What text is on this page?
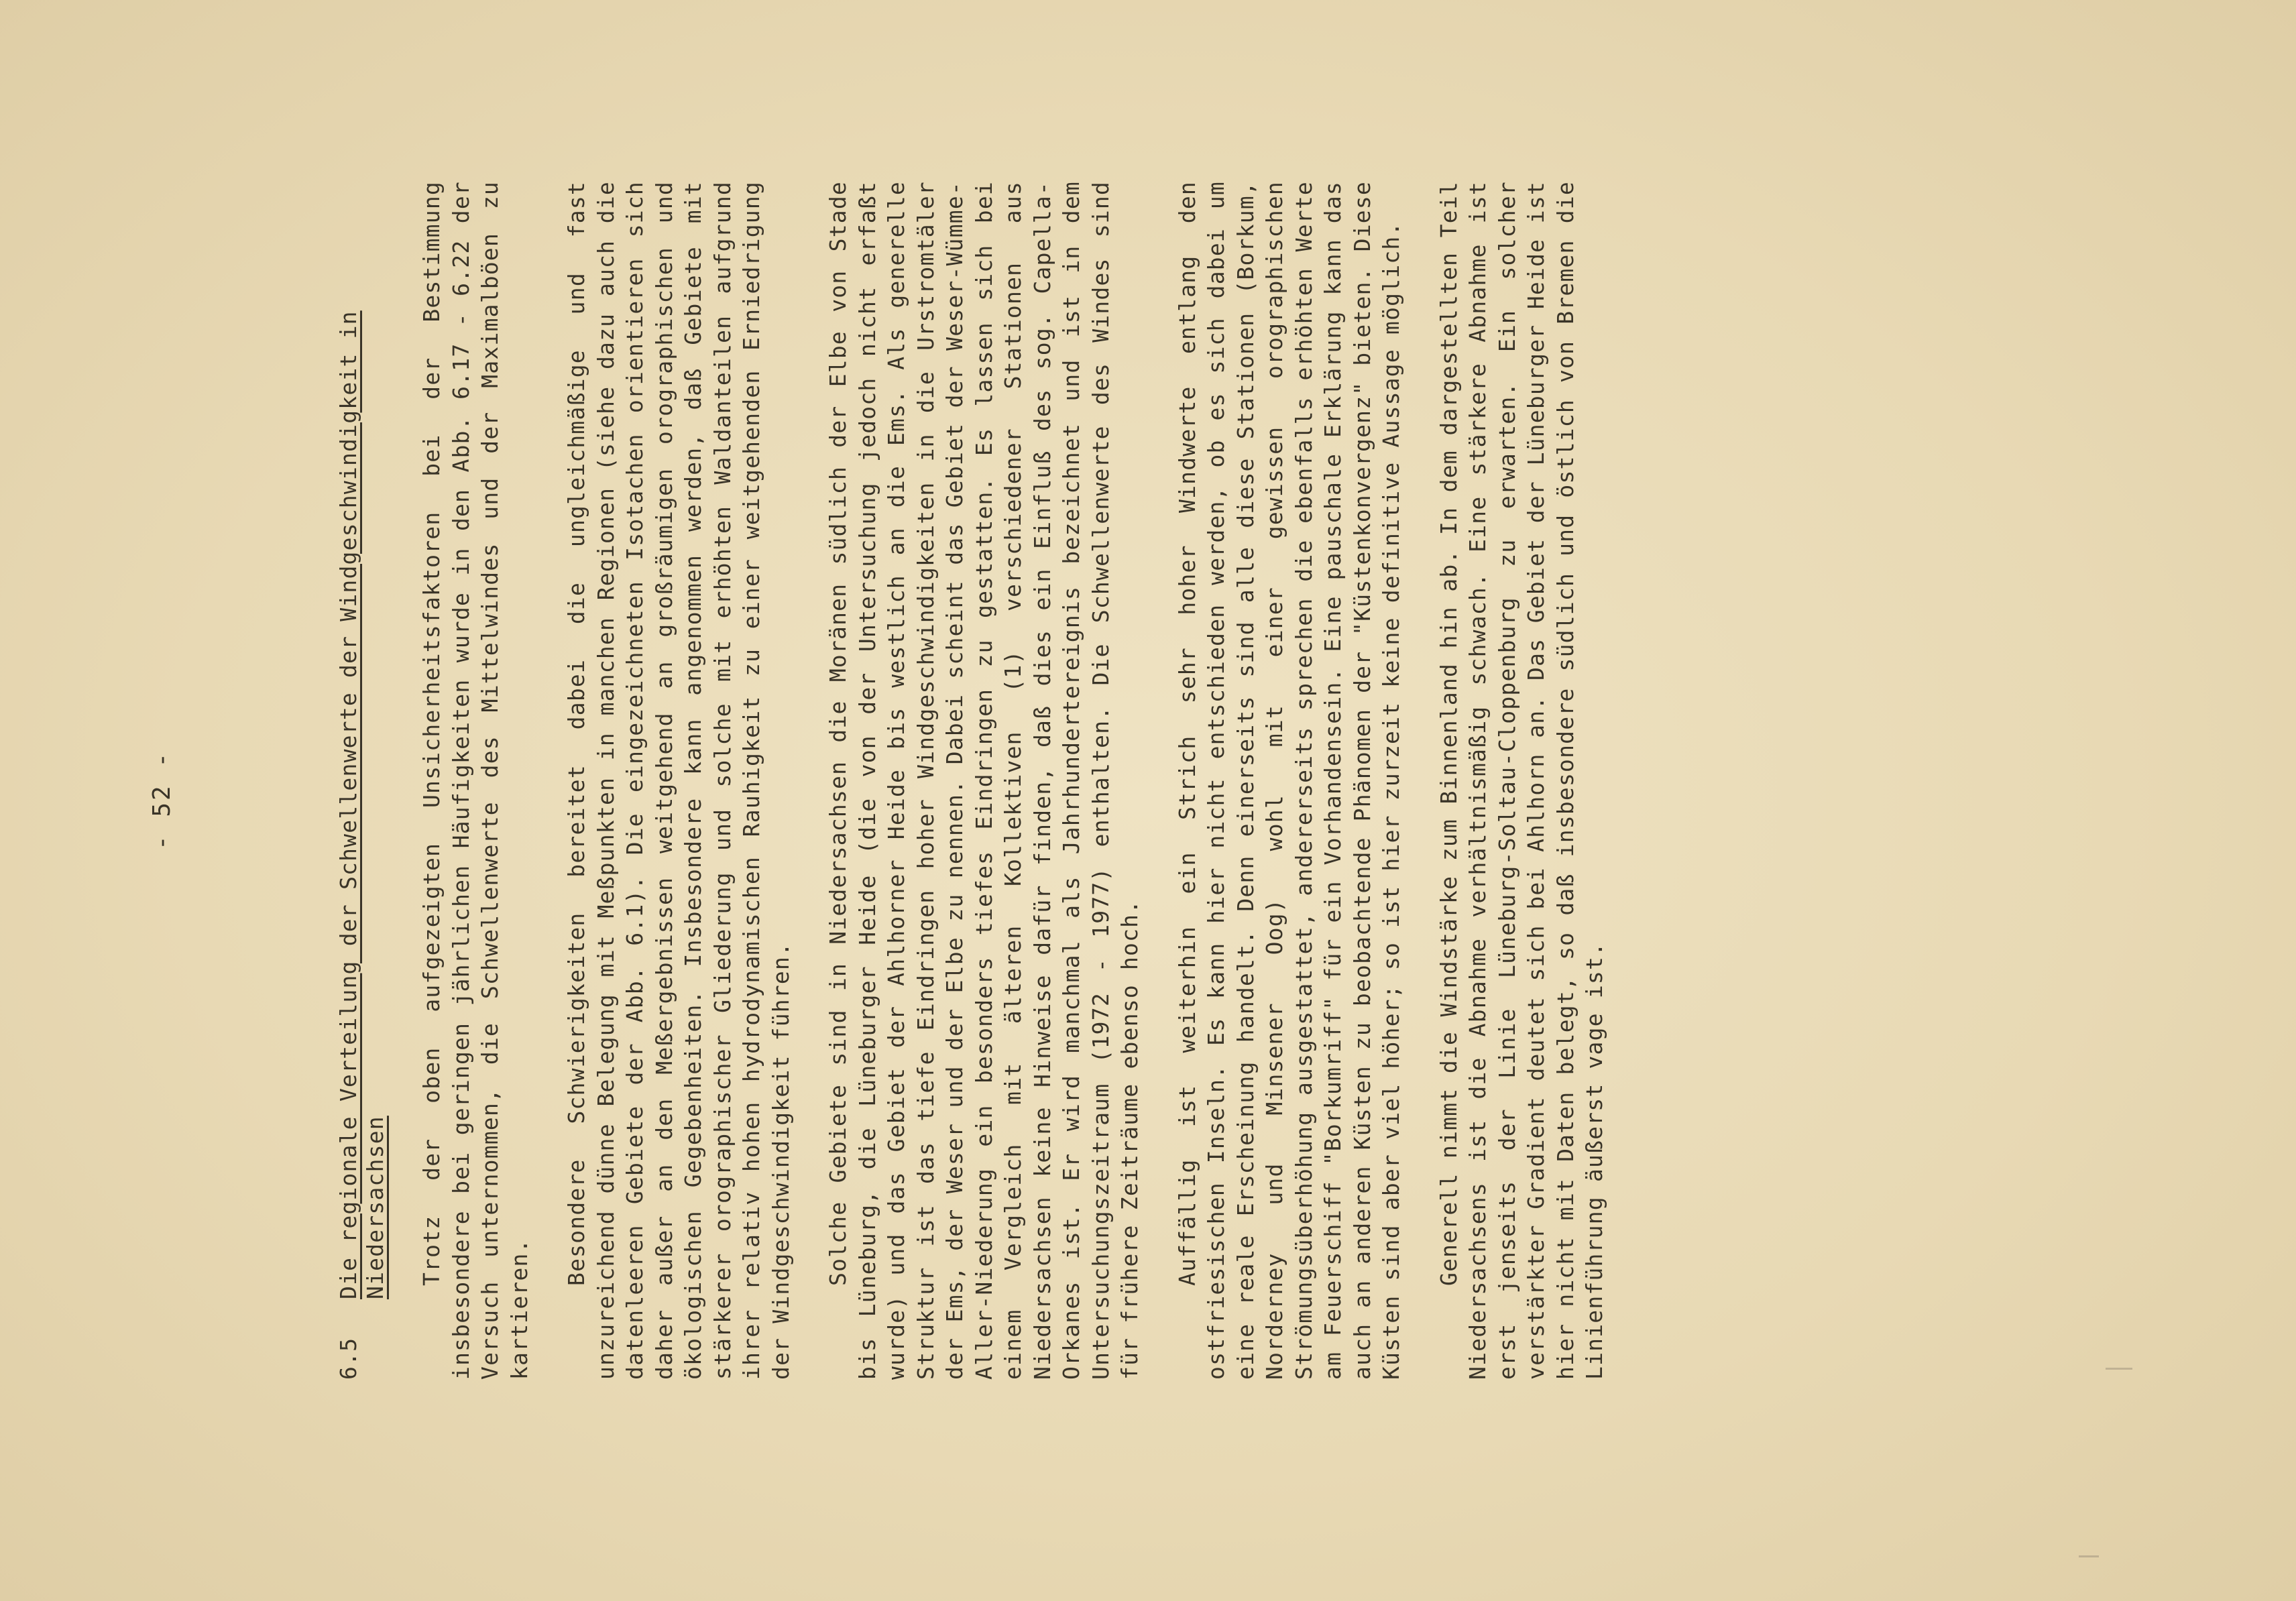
- 52 -
6.5Die regionale Verteilung der Schwellenwerte der Windgeschwindigkeit in Niedersachsen Trotz der oben aufgezeigten Unsicherheitsfaktoren bei der Bestimmung insbesondere bei geringen jährlichen Häufigkeiten wurde in den Abb. 6.17 - 6.22 der Versuch unternommen, die Schwellenwerte des Mittelwindes und der Maximalböen zu kartieren.

Besondere Schwierigkeiten bereitet dabei die ungleichmäßige und fast unzureichend dünne Belegung mit Meßpunkten in manchen Regionen (siehe dazu auch die datenleeren Gebiete der Abb. 6.1). Die eingezeichneten Isotachen orientieren sich daher außer an den Meßergebnissen weitgehend an großräumigen orographischen und ökologischen Gegebenheiten. Insbesondere kann angenommen werden, daß Gebiete mit stärkerer orographischer Gliederung und solche mit erhöhten Waldanteilen aufgrund ihrer relativ hohen hydrodynamischen Rauhigkeit zu einer weitgehenden Erniedrigung der Windgeschwindigkeit führen. Solche Gebiete sind in Niedersachsen die Moränen südlich der Elbe von Stade bis Lüneburg, die Lüneburger Heide (die von der Untersuchung jedoch nicht erfaßt wurde) und das Gebiet der Ahlhorner Heide bis westlich an die Ems. Als generelle Struktur ist das tiefe Eindringen hoher Windgeschwindigkeiten in die Urstromtäler der Ems, der Weser und der Elbe zu nennen. Dabei scheint das Gebiet der Weser-Wümme-Aller-Niederung ein besonders tiefes Eindringen zu gestatten. Es lassen sich bei einem Vergleich mit älteren Kollektiven (1) verschiedener Stationen aus Niedersachsen keine Hinweise dafür finden, daß dies ein Einfluß des sog. Capella-Orkanes ist. Er wird manchmal als Jahrhundertereignis bezeichnet und ist in dem Untersuchungszeitraum (1972 - 1977) enthalten. Die Schwellenwerte des Windes sind für frühere Zeiträume ebenso hoch. Auffällig ist weiterhin ein Strich sehr hoher Windwerte entlang den ostfriesischen Inseln. Es kann hier nicht entschieden werden, ob es sich dabei um eine reale Erscheinung handelt. Denn einerseits sind alle diese Stationen (Borkum, Norderney und Minsener Oog) wohl mit einer gewissen orographischen Strömungsüberhöhung ausgestattet, andererseits sprechen die ebenfalls erhöhten Werte am Feuerschiff "Borkumriff" für ein Vorhandensein. Eine pauschale Erklärung kann das auch an anderen Küsten zu beobachtende Phänomen der "Küstenkonvergenz" bieten. Diese Küsten sind aber viel höher; so ist hier zurzeit keine definitive Aussage möglich. Generell nimmt die Windstärke zum Binnenland hin ab. In dem dargestellten Teil Niedersachsens ist die Abnahme verhältnismäßig schwach. Eine stärkere Abnahme ist erst jenseits der Linie Lüneburg-Soltau-Cloppenburg zu erwarten. Ein solcher verstärkter Gradient deutet sich bei Ahlhorn an. Das Gebiet der Lüneburger Heide ist hier nicht mit Daten belegt, so daß insbesondere südlich und östlich von Bremen die Linienführung äußerst vage ist.
